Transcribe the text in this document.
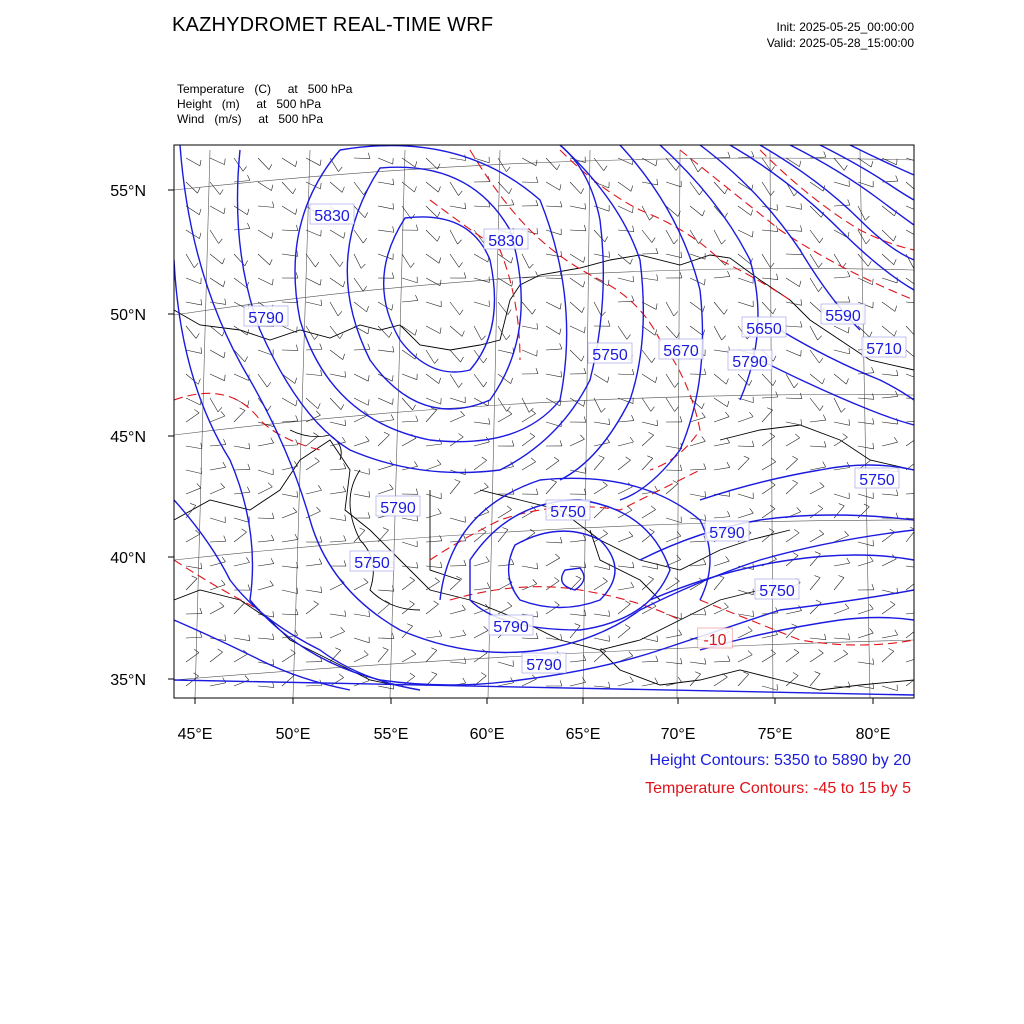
KAZHYDROMET REAL-TIME WRF	Init: 2025-05-25_00:00:00
Valid: 2025-05-28_15:00:00
Temperature   (C)     at   500 hPa
Height   (m)     at   500 hPa
Wind   (m/s)     at   500 hPa
5830
5830
5790
5790
5750 5670
5650
5590
5710
5790
5750
5750
5750
5790
5750
5790
5790
-10
55°N
50°N
45°N
40°N
35°N
45°E	50°E	55°E	60°E	65°E	70°E	75°E	80°E
Height Contours: 5350 to 5890 by 20
Temperature Contours: -45 to 15 by 5
